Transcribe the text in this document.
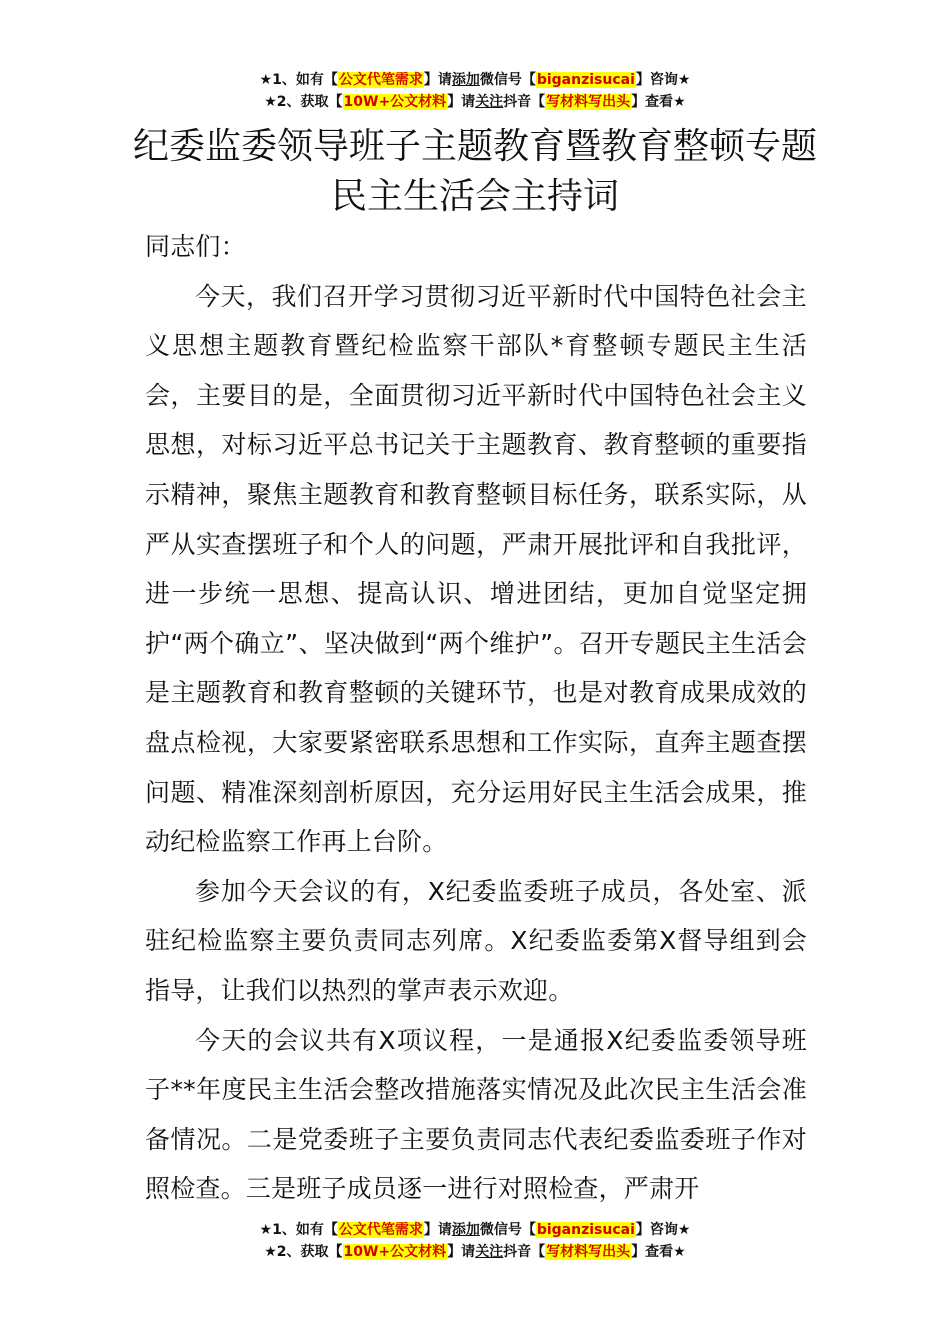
★1、如有【公文代笔需求】请添加微信号【biganzisucai】咨询★
★2、获取【10W+公文材料】请关注抖音【写材料写出头】查看★
纪委监委领导班子主题教育暨教育整顿专题民主生活会主持词

同志们：

今天，我们召开学习贯彻习近平新时代中国特色社会主义思想主题教育暨纪检监察干部队*育整顿专题民主生活会，主要目的是，全面贯彻习近平新时代中国特色社会主义思想，对标习近平总书记关于主题教育、教育整顿的重要指示精神，聚焦主题教育和教育整顿目标任务，联系实际，从严从实查摆班子和个人的问题，严肃开展批评和自我批评，进一步统一思想、提高认识、增进团结，更加自觉坚定拥护“两个确立”、坚决做到“两个维护”。召开专题民主生活会是主题教育和教育整顿的关键环节，也是对教育成果成效的盘点检视，大家要紧密联系思想和工作实际，直奔主题查摆问题、精准深刻剖析原因，充分运用好民主生活会成果，推动纪检监察工作再上台阶。

参加今天会议的有，X纪委监委班子成员，各处室、派驻纪检监察主要负责同志列席。X纪委监委第X督导组到会指导，让我们以热烈的掌声表示欢迎。

今天的会议共有X项议程，一是通报X纪委监委领导班子**年度民主生活会整改措施落实情况及此次民主生活会准备情况。二是党委班子主要负责同志代表纪委监委班子作对照检查。三是班子成员逐一进行对照检查，严肃开

★1、如有【公文代笔需求】请添加微信号【biganzisucai】咨询★
★2、获取【10W+公文材料】请关注抖音【写材料写出头】查看★
